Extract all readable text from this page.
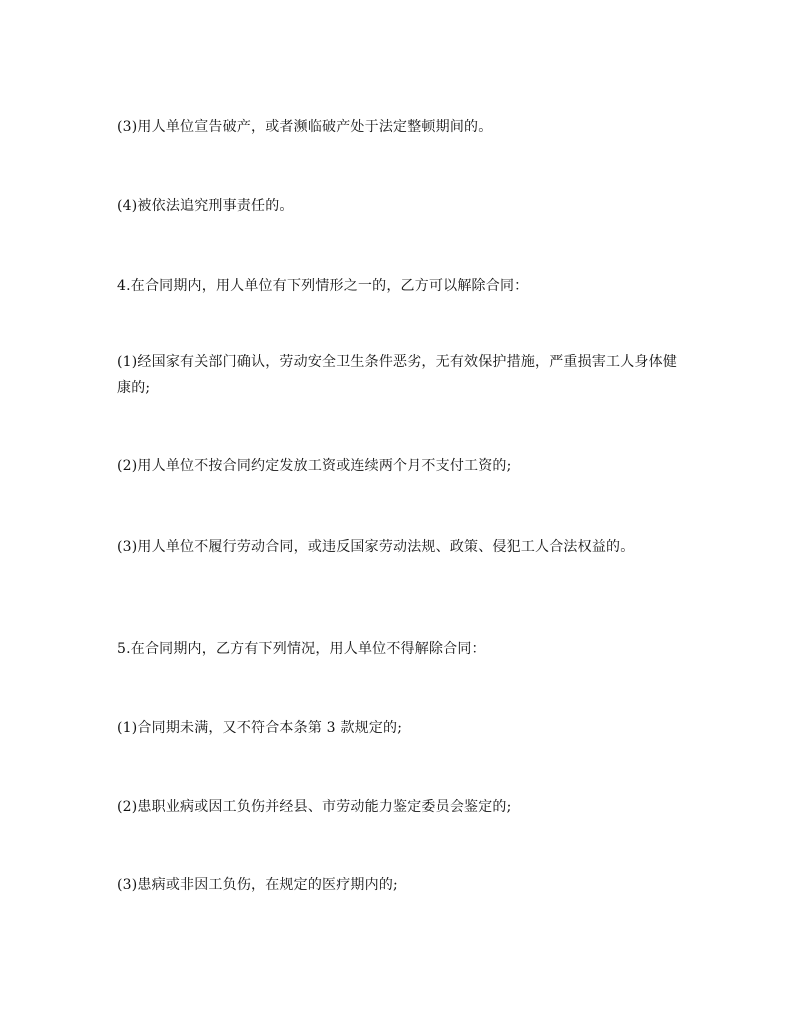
(3)用人单位宣告破产，或者濒临破产处于法定整顿期间的。

(4)被依法追究刑事责任的。

4.在合同期内，用人单位有下列情形之一的，乙方可以解除合同：

(1)经国家有关部门确认，劳动安全卫生条件恶劣，无有效保护措施，严重损害工人身体健康的;

(2)用人单位不按合同约定发放工资或连续两个月不支付工资的;

(3)用人单位不履行劳动合同，或违反国家劳动法规、政策、侵犯工人合法权益的。

5.在合同期内，乙方有下列情况，用人单位不得解除合同：

(1)合同期未满，又不符合本条第 3 款规定的;

(2)患职业病或因工负伤并经县、市劳动能力鉴定委员会鉴定的;

(3)患病或非因工负伤，在规定的医疗期内的;
